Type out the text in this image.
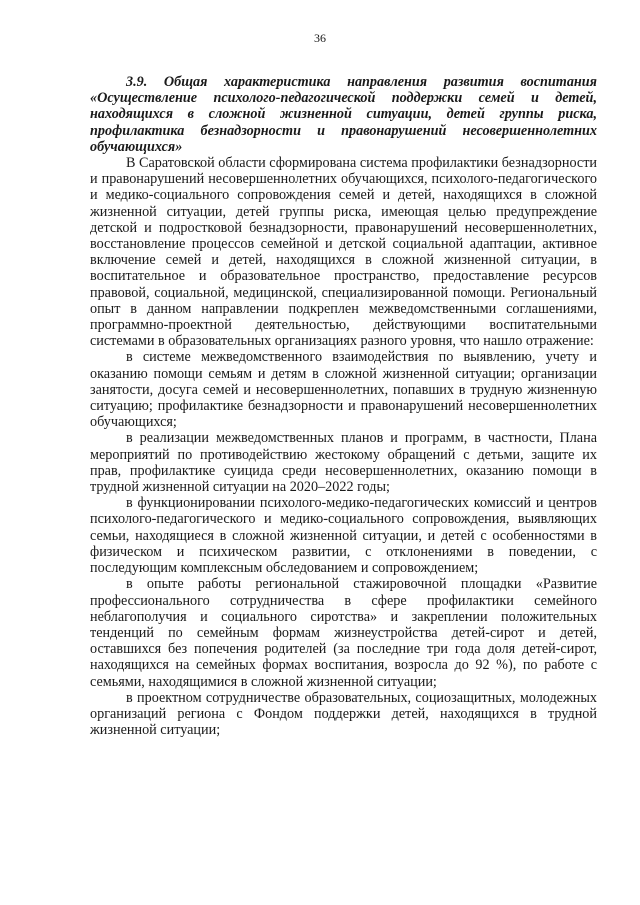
36

3.9. Общая характеристика направления развития воспитания «Осуществление психолого-педагогической поддержки семей и детей, находящихся в сложной жизненной ситуации, детей группы риска, профилактика безнадзорности и правонарушений несовершеннолетних обучающихся»

В Саратовской области сформирована система профилактики безнадзорности и правонарушений несовершеннолетних обучающихся, психолого-педагогического и медико-социального сопровождения семей и детей, находящихся в сложной жизненной ситуации, детей группы риска, имеющая целью предупреждение детской и подростковой безнадзорности, правонарушений несовершеннолетних, восстановление процессов семейной и детской социальной адаптации, активное включение семей и детей, находящихся в сложной жизненной ситуации, в воспитательное и образовательное пространство, предоставление ресурсов правовой, социальной, медицинской, специализированной помощи. Региональный опыт в данном направлении подкреплен межведомственными соглашениями, программно-проектной деятельностью, действующими воспитательными системами в образовательных организациях разного уровня, что нашло отражение:

в системе межведомственного взаимодействия по выявлению, учету и оказанию помощи семьям и детям в сложной жизненной ситуации; организации занятости, досуга семей и несовершеннолетних, попавших в трудную жизненную ситуацию; профилактике безнадзорности и правонарушений несовершеннолетних обучающихся;

в реализации межведомственных планов и программ, в частности, Плана мероприятий по противодействию жестокому обращений с детьми, защите их прав, профилактике суицида среди несовершеннолетних, оказанию помощи в трудной жизненной ситуации на 2020–2022 годы;

в функционировании психолого-медико-педагогических комиссий и центров психолого-педагогического и медико-социального сопровождения, выявляющих семьи, находящиеся в сложной жизненной ситуации, и детей с особенностями в физическом и психическом развитии, с отклонениями в поведении, с последующим комплексным обследованием и сопровождением;

в опыте работы региональной стажировочной площадки «Развитие профессионального сотрудничества в сфере профилактики семейного неблагополучия и социального сиротства» и закреплении положительных тенденций по семейным формам жизнеустройства детей-сирот и детей, оставшихся без попечения родителей (за последние три года доля детей-сирот, находящихся на семейных формах воспитания, возросла до 92 %), по работе с семьями, находящимися в сложной жизненной ситуации;

в проектном сотрудничестве образовательных, социозащитных, молодежных организаций региона с Фондом поддержки детей, находящихся в трудной жизненной ситуации;
